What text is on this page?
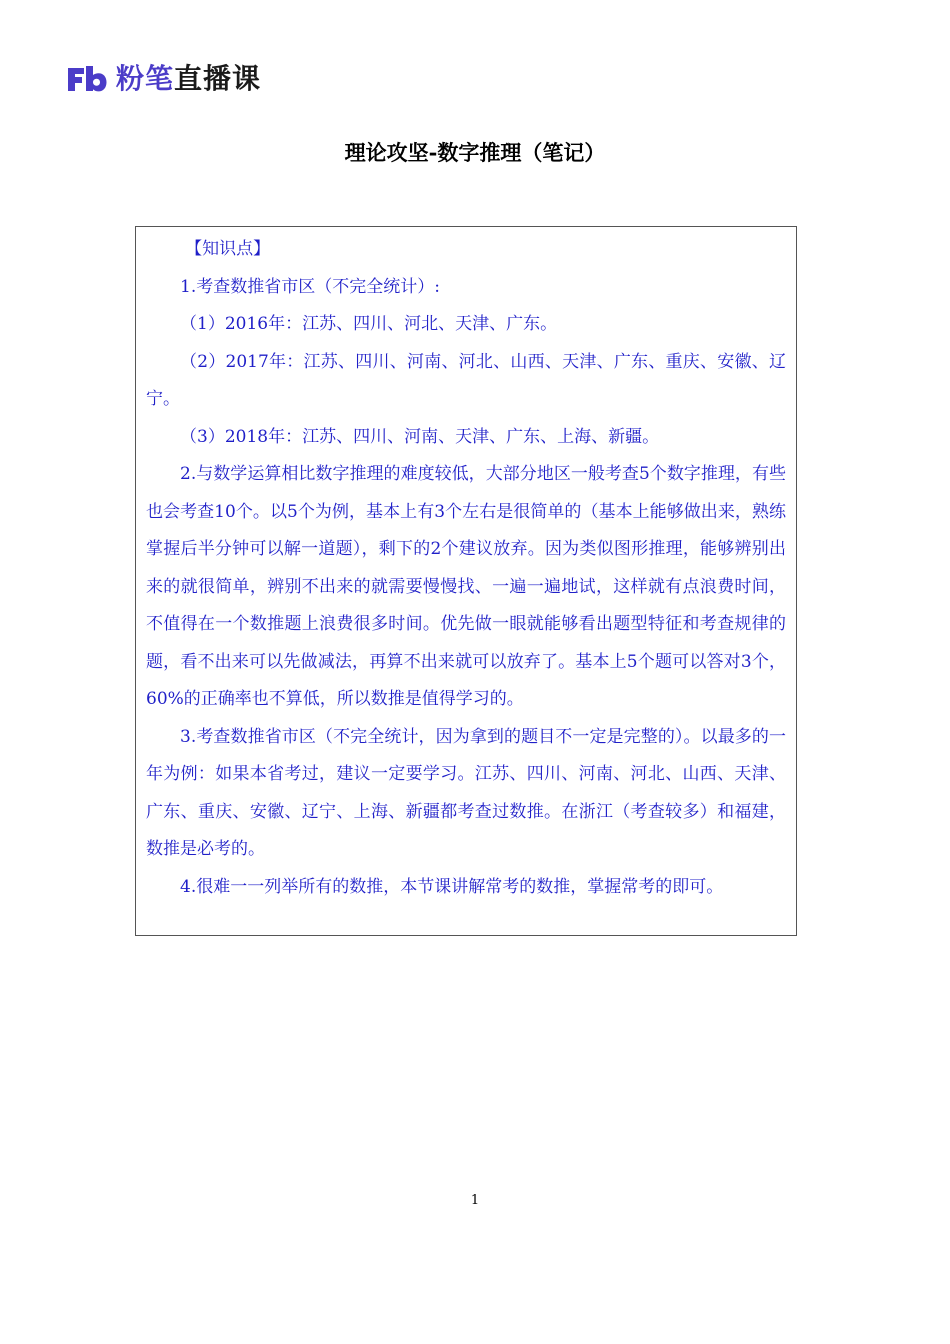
粉笔 直播课
理论攻坚-数字推理（笔记）

【知识点】

1.考查数推省市区（不完全统计）:

（1）2016年：江苏、四川、河北、天津、广东。

（2）2017年：江苏、四川、河南、河北、山西、天津、广东、重庆、安徽、辽宁。

（3）2018年：江苏、四川、河南、天津、广东、上海、新疆。

2.与数学运算相比数字推理的难度较低，大部分地区一般考查5个数字推理，有些也会考查10个。以5个为例，基本上有3个左右是很简单的（基本上能够做出来，熟练掌握后半分钟可以解一道题），剩下的2个建议放弃。因为类似图形推理，能够辨别出来的就很简单，辨别不出来的就需要慢慢找、一遍一遍地试，这样就有点浪费时间，不值得在一个数推题上浪费很多时间。优先做一眼就能够看出题型特征和考查规律的题，看不出来可以先做减法，再算不出来就可以放弃了。基本上5个题可以答对3个，60%的正确率也不算低，所以数推是值得学习的。

3.考查数推省市区（不完全统计，因为拿到的题目不一定是完整的）。以最多的一年为例：如果本省考过，建议一定要学习。江苏、四川、河南、河北、山西、天津、广东、重庆、安徽、辽宁、上海、新疆都考查过数推。在浙江（考查较多）和福建，数推是必考的。

4.很难一一列举所有的数推，本节课讲解常考的数推，掌握常考的即可。

1
